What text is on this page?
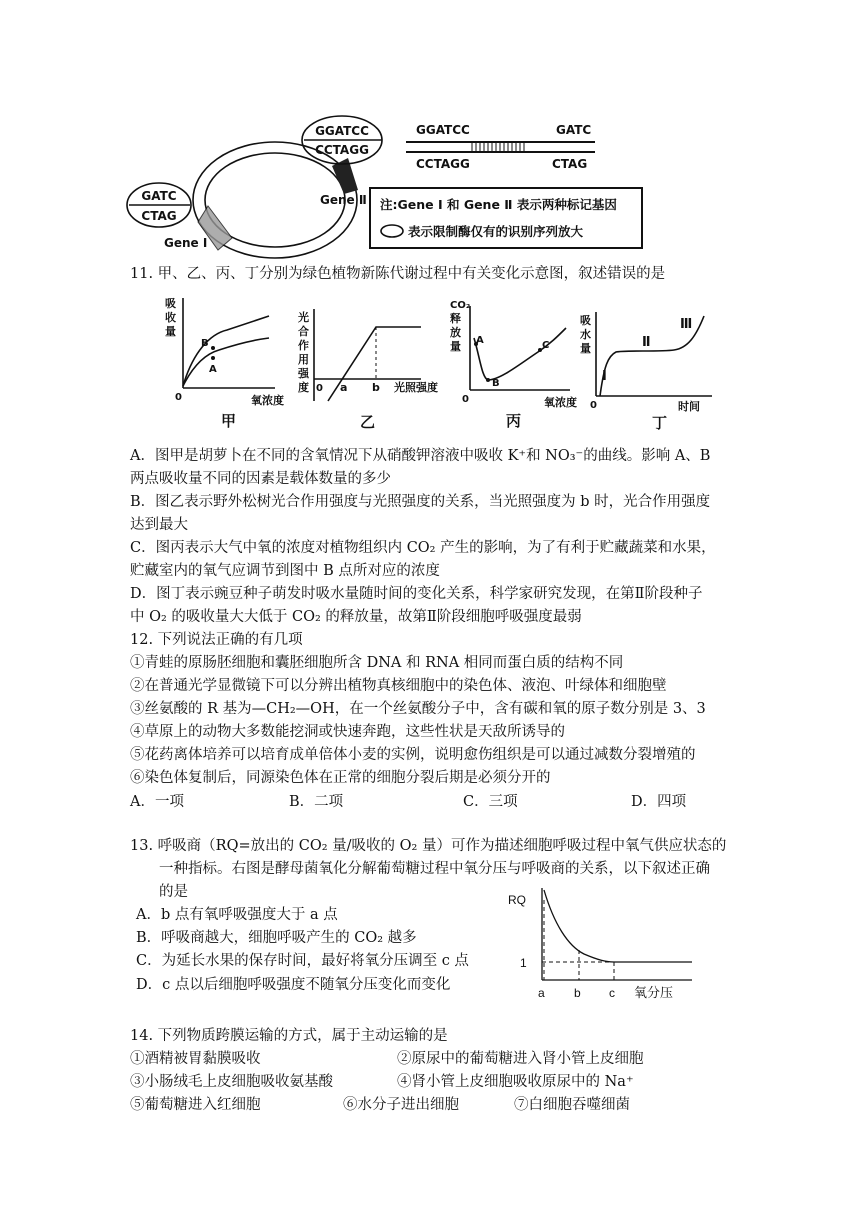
GGATCC
CCTAGG
GATC
CTAG
Gene Ⅰ
Gene Ⅱ
GGATCC
CCTAGG
GATC
CTAG
注:Gene Ⅰ 和 Gene Ⅱ 表示两种标记基因
表示限制酶仅有的识别序列放大
11. 甲、乙、丙、丁分别为绿色植物新陈代谢过程中有关变化示意图，叙述错误的是
B
A
吸
收
量
0	氧浓度
甲
光
合
作
用
强
度 0 a b 光照强度
乙
A
B
C
CO₂
释
放
量
0	氧浓度
丙
吸
水
量
Ⅰ
Ⅱ
Ⅲ
0	时间
丁
A．图甲是胡萝卜在不同的含氧情况下从硝酸钾溶液中吸收 K⁺和 NO₃⁻的曲线。影响 A、B
两点吸收量不同的因素是载体数量的多少
B．图乙表示野外松树光合作用强度与光照强度的关系，当光照强度为 b 时，光合作用强度
达到最大
C．图丙表示大气中氧的浓度对植物组织内 CO₂ 产生的影响，为了有利于贮藏蔬菜和水果，
贮藏室内的氧气应调节到图中 B 点所对应的浓度
D．图丁表示豌豆种子萌发时吸水量随时间的变化关系，科学家研究发现，在第Ⅱ阶段种子
中 O₂ 的吸收量大大低于 CO₂ 的释放量，故第Ⅱ阶段细胞呼吸强度最弱
12. 下列说法正确的有几项
①青蛙的原肠胚细胞和囊胚细胞所含 DNA 和 RNA 相同而蛋白质的结构不同
②在普通光学显微镜下可以分辨出植物真核细胞中的染色体、液泡、叶绿体和细胞壁
③丝氨酸的 R 基为—CH₂—OH，在一个丝氨酸分子中，含有碳和氧的原子数分别是 3、3
④草原上的动物大多数能挖洞或快速奔跑，这些性状是天敌所诱导的
⑤花药离体培养可以培育成单倍体小麦的实例，说明愈伤组织是可以通过减数分裂增殖的
⑥染色体复制后，同源染色体在正常的细胞分裂后期是必须分开的
A．一项	B．二项	C．三项	D．四项
13. 呼吸商（RQ=放出的 CO₂ 量/吸收的 O₂ 量）可作为描述细胞呼吸过程中氧气供应状态的
一种指标。右图是酵母菌氧化分解葡萄糖过程中氧分压与呼吸商的关系，以下叙述正确
的是
A．b 点有氧呼吸强度大于 a 点
B．呼吸商越大，细胞呼吸产生的 CO₂ 越多
C．为延长水果的保存时间，最好将氧分压调至 c 点
D．c 点以后细胞呼吸强度不随氧分压变化而变化
RQ
1
a b c 氧分压
14. 下列物质跨膜运输的方式，属于主动运输的是
①酒精被胃黏膜吸收	②原尿中的葡萄糖进入肾小管上皮细胞
③小肠绒毛上皮细胞吸收氨基酸	④肾小管上皮细胞吸收原尿中的 Na⁺
⑤葡萄糖进入红细胞	⑥水分子进出细胞	⑦白细胞吞噬细菌
